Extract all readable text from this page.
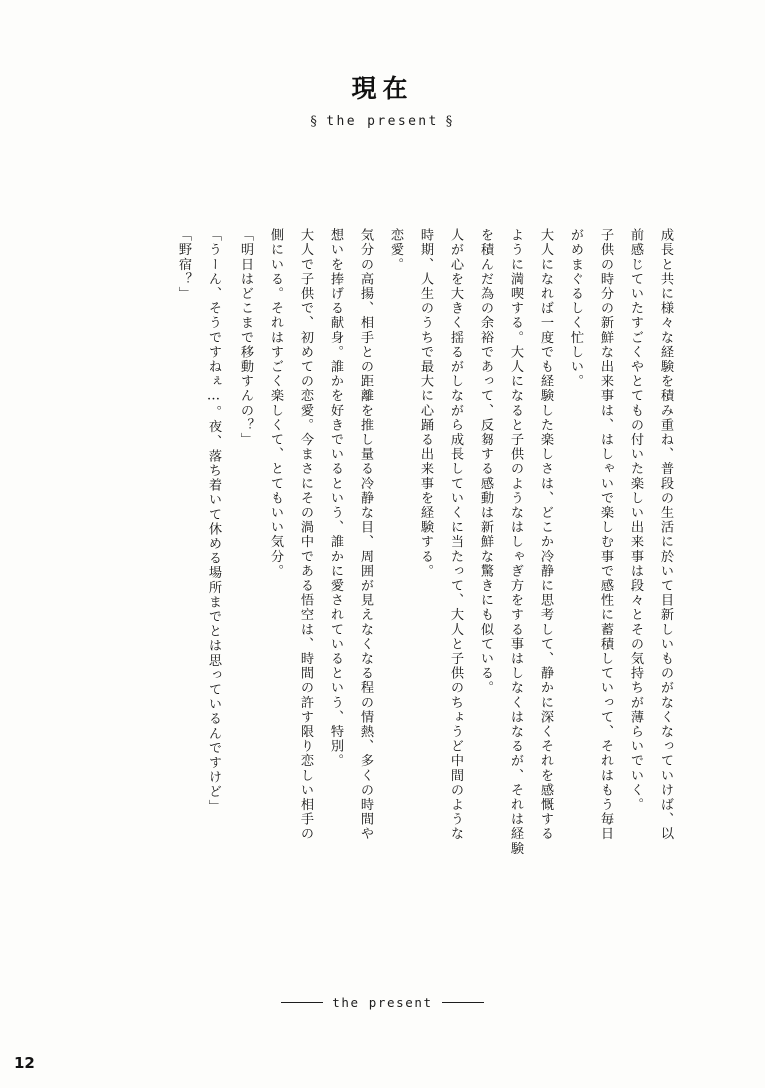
現在
§ the present §

成長と共に様々な経験を積み重ね、普段の生活に於いて目新しいものがなくなっていけば、以

前感じていたすごくやとてもの付いた楽しい出来事は段々とその気持ちが薄らいでいく。

子供の時分の新鮮な出来事は、はしゃいで楽しむ事で感性に蓄積していって、それはもう毎日

がめまぐるしく忙しい。

大人になれば一度でも経験した楽しさは、どこか冷静に思考して、静かに深くそれを感慨する

ように満喫する。大人になると子供のようなはしゃぎ方をする事はしなくはなるが、それは経験

を積んだ為の余裕であって、反芻する感動は新鮮な驚きにも似ている。

人が心を大きく揺るがしながら成長していくに当たって、大人と子供のちょうど中間のような

時期、人生のうちで最大に心踊る出来事を経験する。

恋愛。

気分の高揚、相手との距離を推し量る冷静な目、周囲が見えなくなる程の情熱、多くの時間や

想いを捧げる献身。誰かを好きでいるという、誰かに愛されているという、特別。

大人で子供で、初めての恋愛。今まさにその渦中である悟空は、時間の許す限り恋しい相手の

側にいる。それはすごく楽しくて、とてもいい気分。

「明日はどこまで移動すんの？」

「うーん、そうですねぇ…。夜、落ち着いて休める場所までとは思っているんですけど」

「野宿？」

the present
12
